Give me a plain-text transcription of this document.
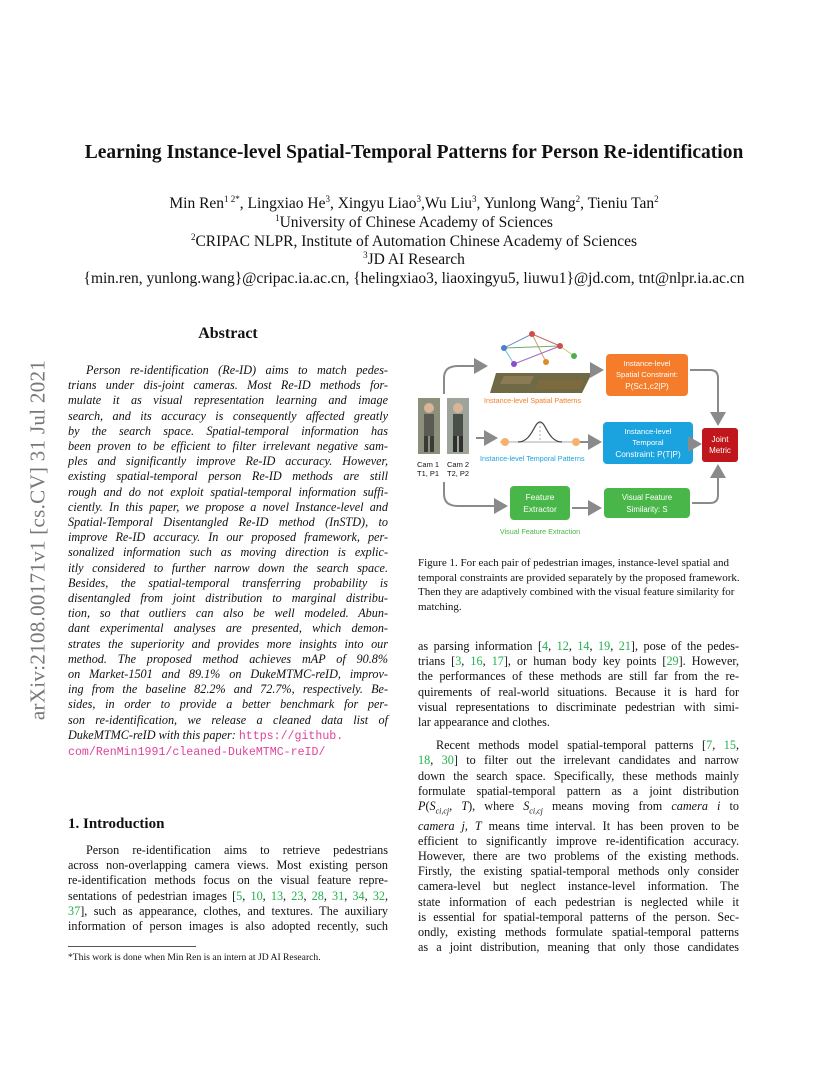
arXiv:2108.00171v1 [cs.CV] 31 Jul 2021
Learning Instance-level Spatial-Temporal Patterns for Person Re-identification
Min Ren$^{1 2*}$, Lingxiao He$^3$, Xingyu Liao$^3$,Wu Liu$^3$, Yunlong Wang$^2$, Tieniu Tan$^2$
$^1$University of Chinese Academy of Sciences
$^2$CRIPAC NLPR, Institute of Automation Chinese Academy of Sciences
$^3$JD AI Research
{min.ren, yunlong.wang}@cripac.ia.ac.cn, {helingxiao3, liaoxingyu5, liuwu1}@jd.com, tnt@nlpr.ia.ac.cn
Abstract
Person re-identification (Re-ID) aims to match pedes-
trians under dis-joint cameras. Most Re-ID methods for-
mulate it as visual representation learning and image
search, and its accuracy is consequently affected greatly
by the search space. Spatial-temporal information has
been proven to be efficient to filter irrelevant negative sam-
ples and significantly improve Re-ID accuracy. However,
existing spatial-temporal person Re-ID methods are still
rough and do not exploit spatial-temporal information suffi-
ciently. In this paper, we propose a novel Instance-level and
Spatial-Temporal Disentangled Re-ID method (InSTD), to
improve Re-ID accuracy. In our proposed framework, per-
sonalized information such as moving direction is explic-
itly considered to further narrow down the search space.
Besides, the spatial-temporal transferring probability is
disentangled from joint distribution to marginal distribu-
tion, so that outliers can also be well modeled. Abun-
dant experimental analyses are presented, which demon-
strates the superiority and provides more insights into our
method. The proposed method achieves mAP of 90.8%
on Market-1501 and 89.1% on DukeMTMC-reID, improv-
ing from the baseline 82.2% and 72.7%, respectively. Be-
sides, in order to provide a better benchmark for per-
son re-identification, we release a cleaned data list of
DukeMTMC-reID with this paper: https://github.
com/RenMin1991/cleaned-DukeMTMC-reID/
1. Introduction
Person re-identification aims to retrieve pedestrians
across non-overlapping camera views. Most existing person
re-identification methods focus on the visual feature repre-
sentations of pedestrian images [5, 10, 13, 23, 28, 31, 34, 32,
37], such as appearance, clothes, and textures. The auxiliary
information of person images is also adopted recently, such
*This work is done when Min Ren is an intern at JD AI Research.
Cam 1
T1, P1
Cam 2
T2, P2
Instance-level Spatial Patterns
Instance-level Temporal Patterns
Instance-level
Spatial Constraint:
P(Sc1,c2|P)
Instance-level
Temporal
Constraint: P(T|P)
Feature
Extractor
Visual Feature Extraction
Visual Feature
Similarity: S
Joint
Metric
Figure 1. For each pair of pedestrian images, instance-level spatial and temporal constraints are provided separately by the proposed framework. Then they are adaptively combined with the visual feature similarity for matching.
as parsing information [4, 12, 14, 19, 21], pose of the pedes-
trians [3, 16, 17], or human body key points [29]. However,
the performances of these methods are still far from the re-
quirements of real-world situations. Because it is hard for
visual representations to discriminate pedestrian with simi-
lar appearance and clothes.
Recent methods model spatial-temporal patterns [7, 15,
18, 30] to filter out the irrelevant candidates and narrow
down the search space. Specifically, these methods mainly
formulate spatial-temporal pattern as a joint distribution
$P(S_{ci,cj}$, T), where $S_{ci,cj}$ means moving from camera i to
camera j, T means time interval. It has been proven to be
efficient to significantly improve re-identification accuracy.
However, there are two problems of the existing methods.
Firstly, the existing spatial-temporal methods only consider
camera-level but neglect instance-level information. The
state information of each pedestrian is neglected while it
is essential for spatial-temporal patterns of the person. Sec-
ondly, existing methods formulate spatial-temporal patterns
as a joint distribution, meaning that only those candidates
